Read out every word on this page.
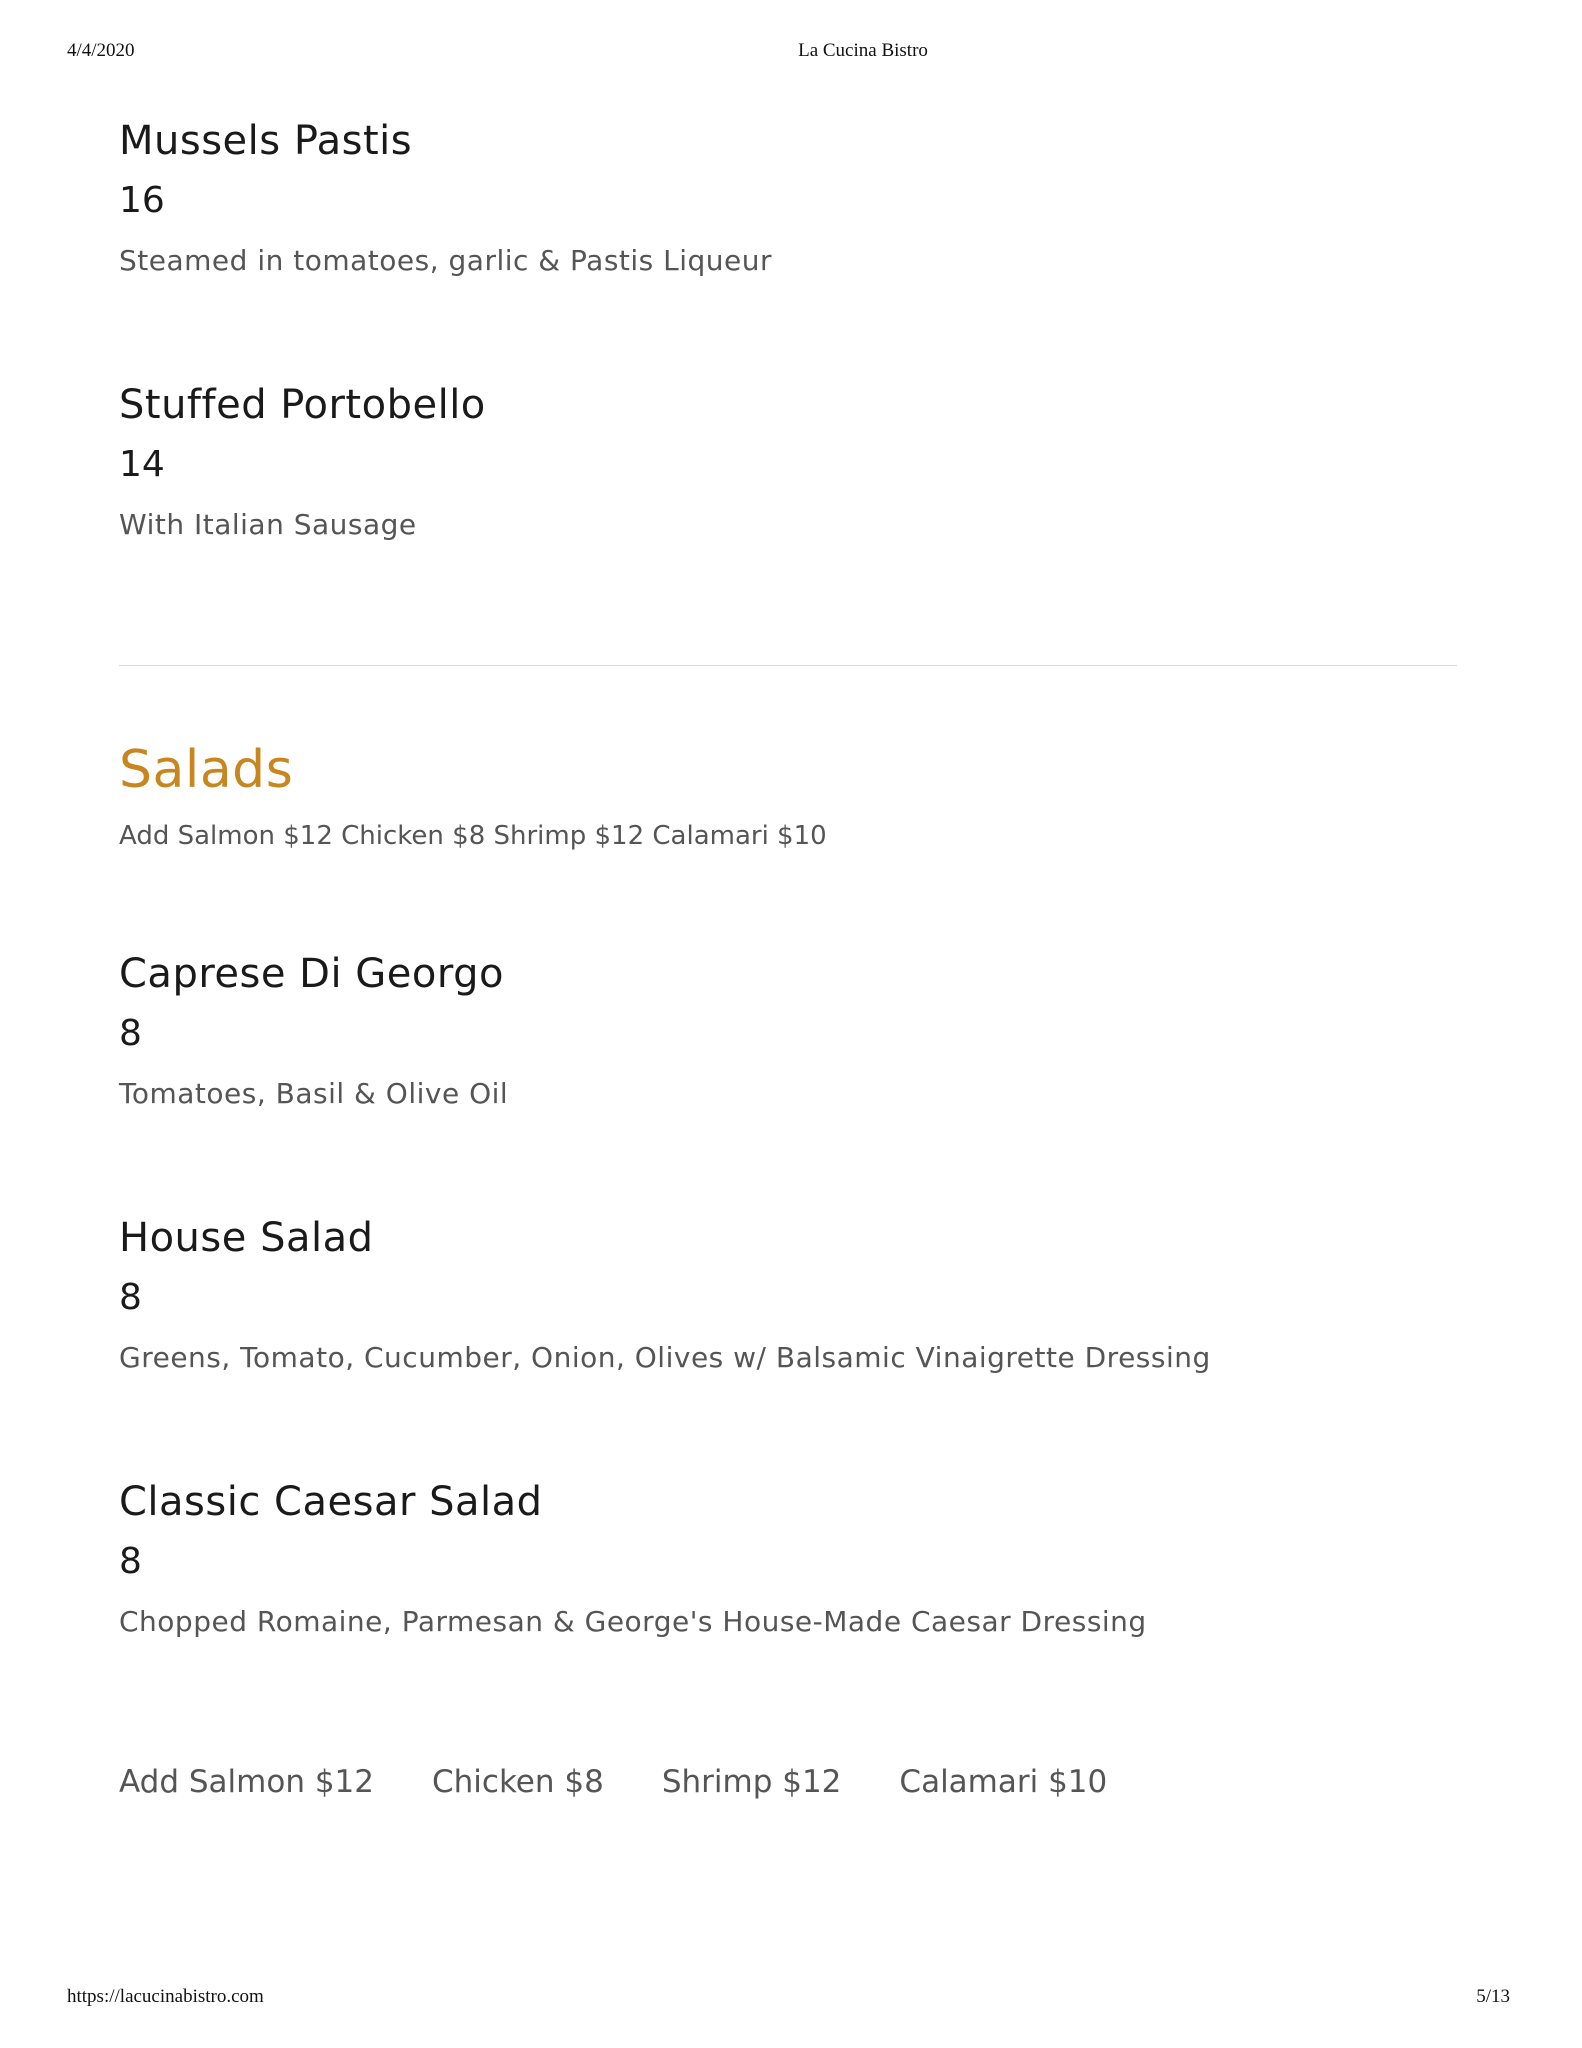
4/4/2020	La Cucina Bistro
Mussels Pastis
16
Steamed in tomatoes, garlic & Pastis Liqueur
Stuffed Portobello
14
With Italian Sausage
Salads
Add Salmon $12 Chicken $8 Shrimp $12 Calamari $10
Caprese Di Georgo
8
Tomatoes, Basil & Olive Oil
House Salad
8
Greens, Tomato, Cucumber, Onion, Olives w/ Balsamic Vinaigrette Dressing
Classic Caesar Salad
8
Chopped Romaine, Parmesan & George's House-Made Caesar Dressing
Add Salmon $12 Chicken $8 Shrimp $12 Calamari $10
https://lacucinabistro.com	5/13
